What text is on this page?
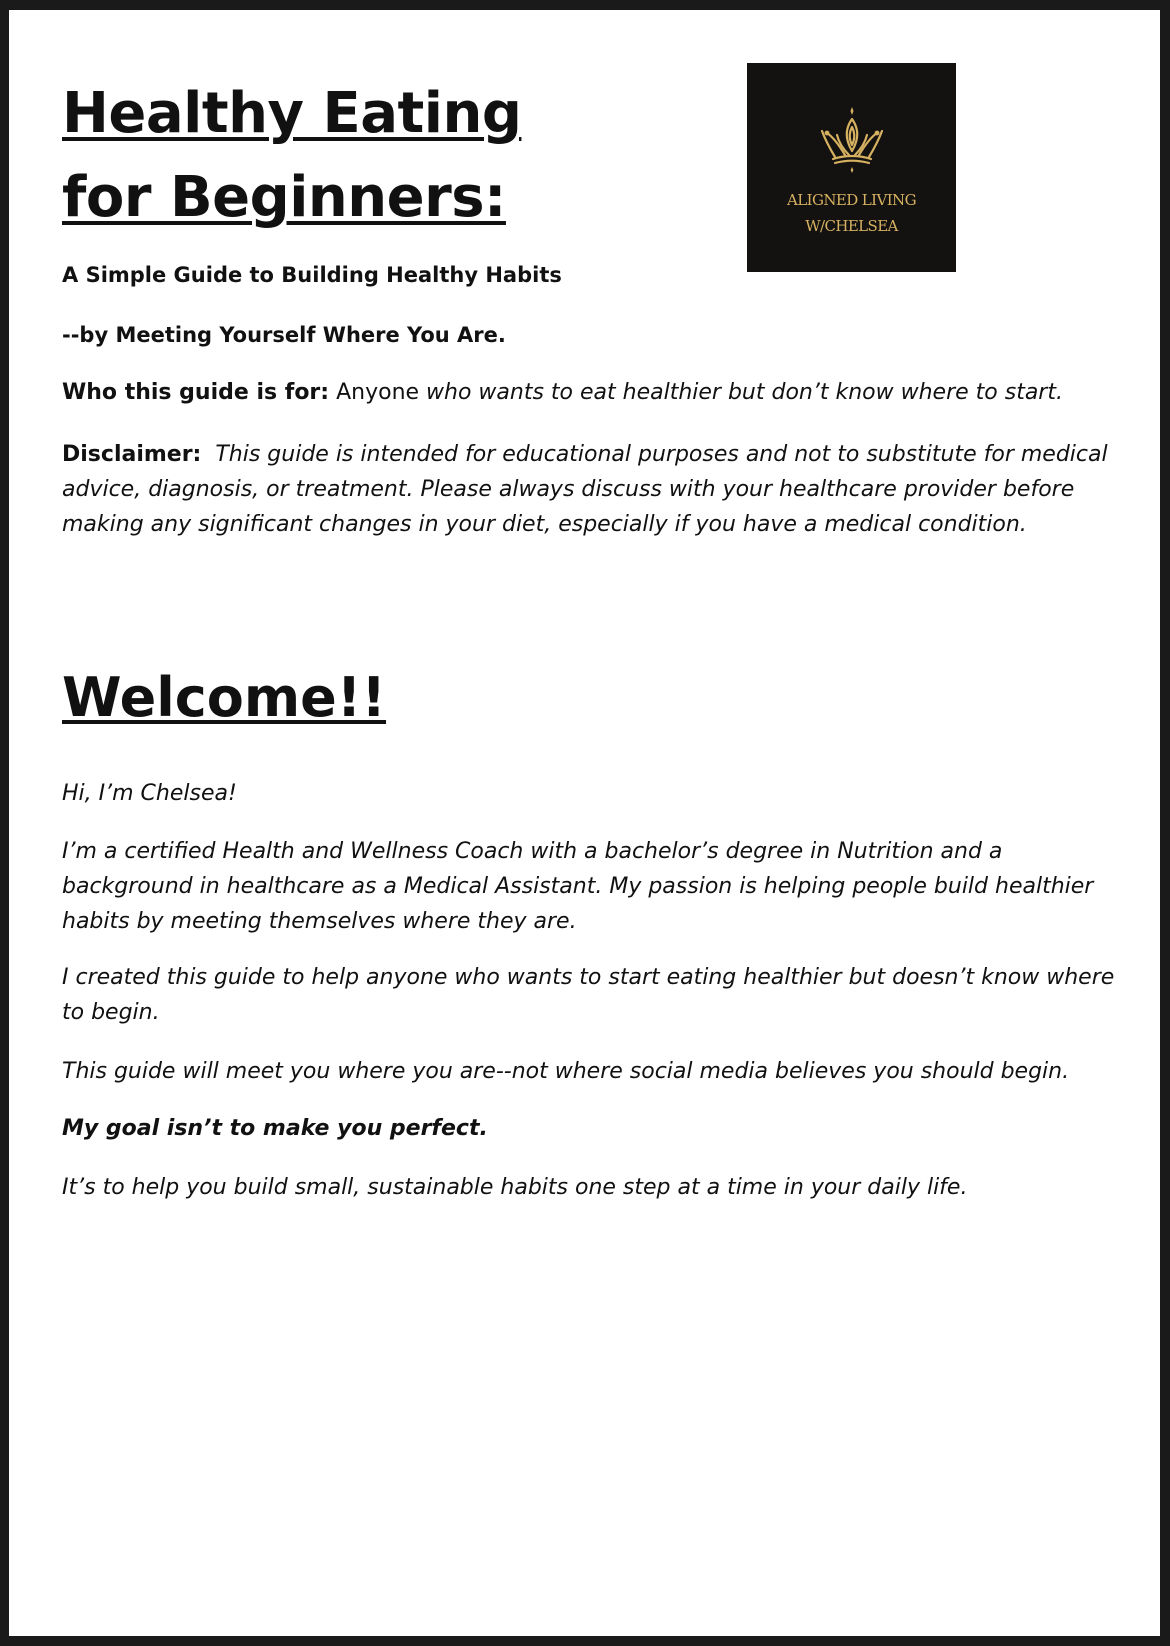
Healthy Eating
for Beginners:	ALIGNED LIVING
W/CHELSEA

A Simple Guide to Building Healthy Habits

--by Meeting Yourself Where You Are.

Who this guide is for: Anyone who wants to eat healthier but don’t know where to start.

Disclaimer: This guide is intended for educational purposes and not to substitute for medical advice, diagnosis, or treatment. Please always discuss with your healthcare provider before making any significant changes in your diet, especially if you have a medical condition.

Welcome!!

Hi, I’m Chelsea!

I’m a certified Health and Wellness Coach with a bachelor’s degree in Nutrition and a background in healthcare as a Medical Assistant. My passion is helping people build healthier habits by meeting themselves where they are.

I created this guide to help anyone who wants to start eating healthier but doesn’t know where to begin.

This guide will meet you where you are--not where social media believes you should begin.

My goal isn’t to make you perfect.

It’s to help you build small, sustainable habits one step at a time in your daily life.
